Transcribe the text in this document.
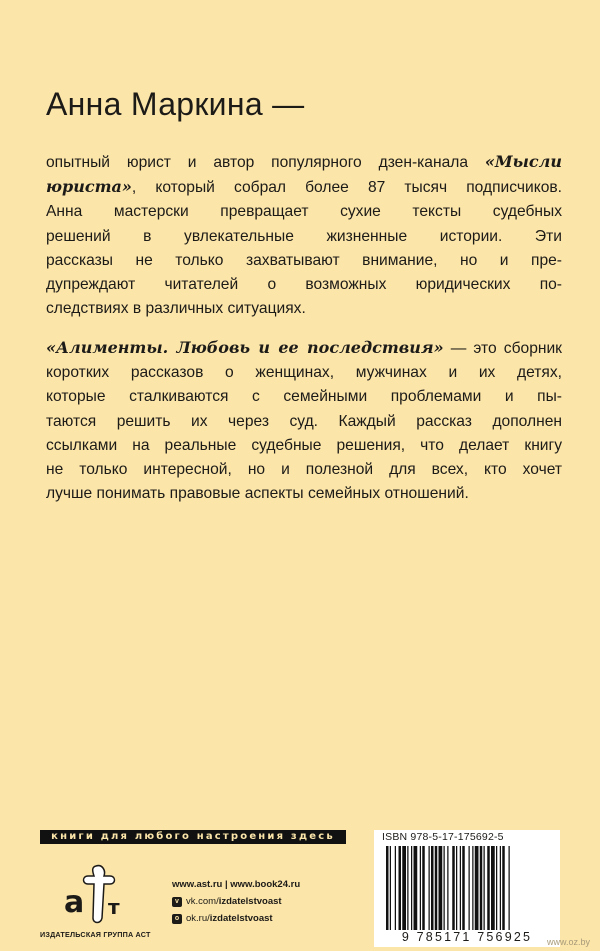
Анна Маркина —
опытный юрист и автор популярного дзен-канала «Мысли
юриста», который собрал более 87 тысяч подписчиков.
Анна мастерски превращает сухие тексты судебных
решений в увлекательные жизненные истории. Эти
рассказы не только захватывают внимание, но и пре-
дупреждают читателей о возможных юридических по-
следствиях в различных ситуациях.
«Алименты. Любовь и ее последствия» — это сборник
коротких рассказов о женщинах, мужчинах и их детях,
которые сталкиваются с семейными проблемами и пы-
таются решить их через суд. Каждый рассказ дополнен
ссылками на реальные судебные решения, что делает книгу
не только интересной, но и полезной для всех, кто хочет
лучше понимать правовые аспекты семейных отношений.
книги для любого настроения здесь
a т
ИЗДАТЕЛЬСКАЯ ГРУППА АСТ
www.ast.ru | www.book24.ru
v vk.com/ izdatelstvoast
o ok.ru/ izdatelstvoast
ISBN 978-5-17-175692-5
9 785171 756925	www.oz.by
